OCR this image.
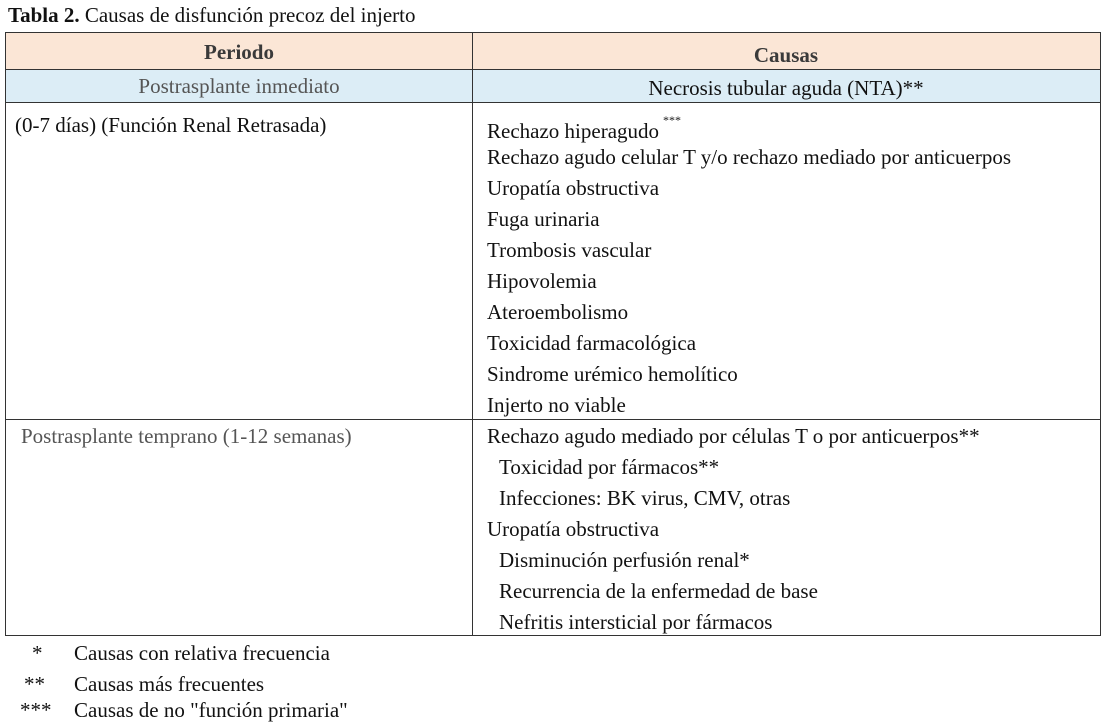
Tabla 2. Causas de disfunción precoz del injerto
Periodo	Causas
Postrasplante inmediato	Necrosis tubular aguda (NTA)**
(0-7 días) (Función Renal Retrasada)	Rechazo hiperagudo ***
Rechazo agudo celular T y/o rechazo mediado por anticuerpos
Uropatía obstructiva
Fuga urinaria
Trombosis vascular
Hipovolemia
Ateroembolismo
Toxicidad farmacológica
Sindrome urémico hemolítico
Injerto no viable
Postrasplante temprano (1-12 semanas)	Rechazo agudo mediado por células T o por anticuerpos**
Toxicidad por fármacos**
Infecciones: BK virus, CMV, otras
Uropatía obstructiva
Disminución perfusión renal*
Recurrencia de la enfermedad de base
Nefritis intersticial por fármacos
* Causas con relativa frecuencia
** Causas más frecuentes
*** Causas de no "función primaria"
